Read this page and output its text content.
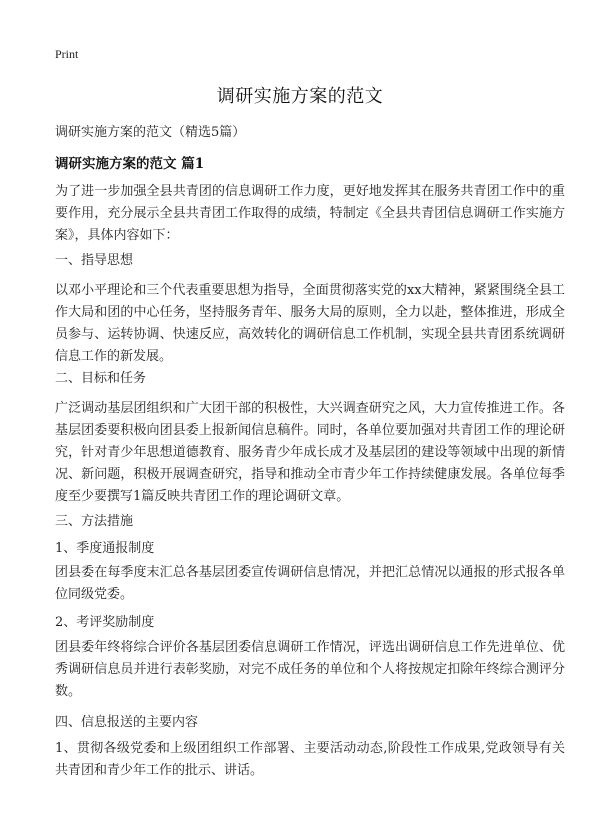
Print
调研实施方案的范文
调研实施方案的范文（精选5篇）
调研实施方案的范文 篇1

为了进一步加强全县共青团的信息调研工作力度，更好地发挥其在服务共青团工作中的重要作用，充分展示全县共青团工作取得的成绩，特制定《全县共青团信息调研工作实施方案》，具体内容如下：

一、指导思想

以邓小平理论和三个代表重要思想为指导，全面贯彻落实党的xx大精神，紧紧围绕全县工作大局和团的中心任务，坚持服务青年、服务大局的原则，全力以赴，整体推进，形成全员参与、运转协调、快速反应，高效转化的调研信息工作机制，实现全县共青团系统调研信息工作的新发展。

二、目标和任务

广泛调动基层团组织和广大团干部的积极性，大兴调查研究之风，大力宣传推进工作。各基层团委要积极向团县委上报新闻信息稿件。同时，各单位要加强对共青团工作的理论研究，针对青少年思想道德教育、服务青少年成长成才及基层团的建设等领域中出现的新情况、新问题，积极开展调查研究，指导和推动全市青少年工作持续健康发展。各单位每季度至少要撰写1篇反映共青团工作的理论调研文章。

三、方法措施

1、季度通报制度

团县委在每季度末汇总各基层团委宣传调研信息情况，并把汇总情况以通报的形式报各单位同级党委。

2、考评奖励制度

团县委年终将综合评价各基层团委信息调研工作情况，评选出调研信息工作先进单位、优秀调研信息员并进行表彰奖励，对完不成任务的单位和个人将按规定扣除年终综合测评分数。

四、信息报送的主要内容

1、贯彻各级党委和上级团组织工作部署、主要活动动态,阶段性工作成果,党政领导有关共青团和青少年工作的批示、讲话。
